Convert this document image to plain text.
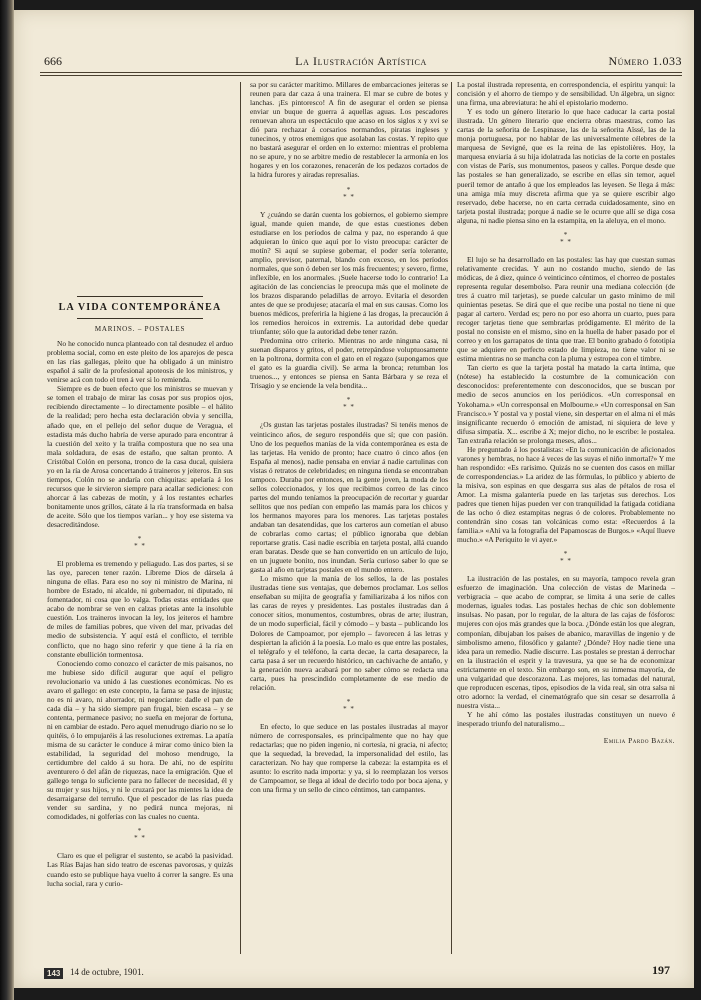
666	La Ilustración Artística	Número 1.033
LA VIDA CONTEMPORÁNEA
MARINOS. – POSTALES

No he conocido nunca planteado con tal desnudez el arduo problema social, como en este pleito de los aparejos de pesca en las rías gallegas, pleito que ha obligado á un ministro español á salir de la profesional apoteosis de los ministros, y venirse acá con todo el tren á ver si lo remienda.

Siempre es de buen efecto que los ministros se muevan y se tomen el trabajo de mirar las cosas por sus propios ojos, recibiendo directamente – lo directamente posible – el hálito de la realidad; pero hecha esta declaración obvia y sencilla, añado que, en el pellejo del señor duque de Veragua, el estadista más ducho habría de verse apurado para encontrar á la cuestión del xeito y la traíña compostura que no sea una mala soldadura, de esas de estaño, que saltan pronto. A Cristóbal Colón en persona, tronco de la casa ducal, quisiera yo en la ría de Arosa concertando á traineros y jeiteros. En sus tiempos, Colón no se andaría con chiquitas: apelaría á los recursos que le sirvieron siempre para acallar sediciones: con ahorcar á las cabezas de motín, y á los restantes echarles bonitamente unos grillos, cátate á la ría transformada en balsa de aceite. Sólo que los tiempos varían... y hoy ese sistema va desacreditándose.

*
* *

El problema es tremendo y peliagudo. Las dos partes, si se las oye, parecen tener razón. Líbreme Dios de dársela á ninguna de ellas. Para eso no soy ni ministro de Marina, ni hombre de Estado, ni alcalde, ni gobernador, ni diputado, ni fomentador, ni cosa que lo valga. Todas estas entidades que acabo de nombrar se ven en calzas prietas ante la insoluble cuestión. Los traineros invocan la ley, los jeiteros el hambre de miles de familias pobres, que viven del mar, privadas del medio de subsistencia. Y aquí está el conflicto, el terrible conflicto, que no hago sino referir y que tiene á la ría en constante ebullición tormentosa.

Conociendo como conozco el carácter de mis paisanos, no me hubiese sido difícil augurar que aquí el peligro revolucionario va unido á las cuestiones económicas. No es avaro el gallego: en este concepto, la fama se pasa de injusta; no es ni avaro, ni ahorrador, ni negociante: dadle el pan de cada día – y ha sido siempre pan frugal, bien escasa – y se contenta, permanece pasivo; no sueña en mejorar de fortuna, ni en cambiar de estado. Pero aquel menudrugo diario no se lo quitéis, ó lo empujaréis á las resoluciones extremas. La apatía misma de su carácter le conduce á mirar como único bien la estabilidad, la seguridad del mohoso mendrugo, la certidumbre del caldo á su hora. De ahí, no de espíritu aventurero ó del afán de riquezas, nace la emigración. Que el gallego tenga lo suficiente para no fallecer de necesidad, él y su mujer y sus hijos, y ni le cruzará por las mientes la idea de desarraigarse del terruño. Que el pescador de las rías pueda vender su sardina, y no pedirá nunca mejoras, ni comodidades, ni golferías con las cuales no cuenta.

*
* *

Claro es que el peligrar el sustento, se acabó la pasividad. Las Rías Bajas han sido teatro de escenas pavorosas, y quizás cuando esto se publique haya vuelto á correr la sangre. Es una lucha social, rara y curio-

sa por su carácter marítimo. Millares de embarcaciones jeiteras se reunen para dar caza á una trainera. El mar se cubre de botes y lanchas. ¡Es pintoresco! A fin de asegurar el orden se piensa enviar un buque de guerra á aquellas aguas. Los pescadores renuevan ahora un espectáculo que acaso en los siglos x y xvi se dió para rechazar á corsarios normandos, piratas ingleses y tunecinos, y otros enemigos que asolaban las costas. Y repito que no bastará asegurar el orden en lo externo: mientras el problema no se apure, y no se arbitre medio de restablecer la armonía en los hogares y en los corazones, renacerán de los pedazos cortados de la hidra furores y airadas represalias.

*
* *

Y ¿cuándo se darán cuenta los gobiernos, el gobierno siempre igual, mande quien mande, de que estas cuestiones deben estudiarse en los períodos de calma y paz, no esperando á que adquieran lo único que aquí por lo visto preocupa: carácter de motín? Si aquí se supiese gobernar, el poder sería tolerante, amplio, previsor, paternal, blando con exceso, en los períodos normales, que son ó deben ser los más frecuentes; y severo, firme, inflexible, en los anormales. ¡Suele hacerse todo lo contrario! La agitación de las conciencias le preocupa más que el molinete de los brazos disparando peladillas de arroyo. Evitaría el desorden antes de que se produjese; atacaría el mal en sus causas. Como los buenos médicos, preferiría la higiene á las drogas, la precaución á los remedios heroicos in extremis. La autoridad debe quedar triunfante; sólo que la autoridad debe tener razón.

Predomina otro criterio. Mientras no arde ninguna casa, ni suenan disparos y gritos, el poder, retrepándose voluptuosamente en la poltrona, dormita con el gato en el regazo (supongamos que el gato es la guardia civil). Se arma la bronca; retumban los truenos..., y entonces se piensa en Santa Bárbara y se reza el Trisagio y se enciende la vela bendita...

*
* *

¿Os gustan las tarjetas postales ilustradas? Si tenéis menos de veinticinco años, de seguro respondéis que sí; que con pasión. Uno de los pequeños manías de la vida contemporánea es esta de las tarjetas. Ha venido de pronto; hace cuatro ó cinco años (en España al menos), nadie pensaba en enviar á nadie cartulinas con vistas ó retratos de celebridades; en ninguna tienda se encontraban tampoco. Duraba por entonces, en la gente joven, la moda de los sellos coleccionados, y los que recibimos correo de las cinco partes del mundo teníamos la preocupación de recortar y guardar sellitos que nos pedían con empeño las mamás para los chicos y los hermanos mayores para los menores. Las tarjetas postales andaban tan desatendidas, que los carteros aun cometían el abuso de cobrarlas como cartas; el público ignoraba que debían reportarse gratis. Casi nadie escribía en tarjeta postal, allá cuando eran baratas. Desde que se han convertido en un artículo de lujo, en un juguete bonito, nos inundan. Sería curioso saber lo que se gasta al año en tarjetas postales en el mundo entero.

Lo mismo que la manía de los sellos, la de las postales ilustradas tiene sus ventajas, que debemos proclamar. Los sellos enseñaban su mijita de geografía y familiarizaba á los niños con las caras de reyes y presidentes. Las postales ilustradas dan á conocer sitios, monumentos, costumbres, obras de arte; ilustran, de un modo superficial, fácil y cómodo – y basta – publicando los Dolores de Campoamor, por ejemplo – favorecen á las letras y despiertan la afición á la poesía. Lo malo es que entre las postales, el telégrafo y el teléfono, la carta decae, la carta desaparece, la carta pasa á ser un recuerdo histórico, un cachivache de antaño, y la generación nueva acabará por no saber cómo se redacta una carta, pues ha prescindido completamente de ese medio de relación.

*
* *

En efecto, lo que seduce en las postales ilustradas al mayor número de corresponsales, es principalmente que no hay que redactarlas; que no piden ingenio, ni cortesía, ni gracia, ni afecto; que la sequedad, la brevedad, la impersonalidad del estilo, las caracterizan. No hay que romperse la cabeza: la estampita es el asunto: lo escrito nada importa: y ya, si lo reemplazan los versos de Campoamor, se llega al ideal de decirlo todo por boca ajena, y con una firma y un sello de cinco céntimos, tan campantes.

La postal ilustrada representa, en correspondencia, el espíritu yanqui: la concisión y el ahorro de tiempo y de sensibilidad. Un álgebra, un signo: una firma, una abreviatura: he ahí el epistolario moderno.

Y es todo un género literario lo que hace caducar la carta postal ilustrada. Un género literario que encierra obras maestras, como las cartas de la señorita de Lespinasse, las de la señorita Aïssé, las de la monja portuguesa, por no hablar de las universalmente célebres de la marquesa de Sevigné, que es la reina de las epistolières. Hoy, la marquesa enviaría á su hija idolatrada las noticias de la corte en postales con vistas de París, sus monumentos, paseos y calles. Porque desde que las postales se han generalizado, se escribe en ellas sin temor, aquel pueril temor de antaño á que los empleados las leyesen. Se llega á más: una amiga mía muy discreta afirma que ya se quiere escribir algo reservado, debe hacerse, no en carta cerrada cuidadosamente, sino en tarjeta postal ilustrada; porque á nadie se le ocurre que allí se diga cosa alguna, ni nadie piensa sino en la estampita, en la aleluya, en el mono.

*
* *

El lujo se ha desarrollado en las postales: las hay que cuestan sumas relativamente crecidas. Y aun no costando mucho, siendo de las módicas, de á diez, quince ó veinticinco céntimos, el chorreo de postales representa regular desembolso. Para reunir una mediana colección (de tres á cuatro mil tarjetas), se puede calcular un gasto mínimo de mil quinientas pesetas. Se dirá que el que recibe una postal no tiene ni que pagar al cartero. Verdad es; pero no por eso ahorra un cuarto, pues para recoger tarjetas tiene que sembrarlas pródigamente. El mérito de la postal no consiste en el mismo, sino en la huella de haber pasado por el correo y en los garrapatos de tinta que trae. El bonito grabado ó fototipia que se adquiere en perfecto estado de limpieza, no tiene valor ni se estima mientras no se mancha con la pluma y estropea con el timbre.

Tan cierto es que la tarjeta postal ha matado la carta íntima, que (nótese) ha establecido la costumbre de la comunicación con desconocidos: preferentemente con desconocidos, que se buscan por medio de secos anuncios en los periódicos. «Un corresponsal en Yokohama.» «Un corresponsal en Molbourne.» «Un corresponsal en San Francisco.» Y postal va y postal viene, sin despertar en el alma ni el más insignificante recuerdo ó emoción de amistad, ni siquiera de leve y difusa simpatía. X... escribe á X; mejor dicho, no le escribe: le postalea. Tan extraña relación se prolonga meses, años...

He preguntado á los postalistas: «En la comunicación de aficionados varones y hembras, no hace á veces de las suyas el niño inmortal?» Y me han respondido: «Es rarísimo. Quizás no se cuenten dos casos en millar de correspondencias.» La aridez de las fórmulas, lo público y abierto de la misiva, son espinas en que desgarra sus alas de pétalos de rosa el Amor. La misma galantería puede en las tarjetas sus derechos. Los padres que tienen hijas pueden ver con tranquilidad la fatigada cotidiana de las ocho ó diez estampitas negras ó de colores. Probablemente no contendrán sino cosas tan volcánicas como esta: «Recuerdos á la familia.» «Ahí va la fotografía del Papamoscas de Burgos.» «Aquí llueve mucho.» «A Periquito le vi ayer.»

*
* *

La ilustración de las postales, en su mayoría, tampoco revela gran esfuerzo de imaginación. Una colección de vistas de Marineda – verbigracia – que acabo de comprar, se limita á una serie de calles modernas, iguales todas. Las postales hechas de chic son doblemente insulsas. No pasan, por lo regular, de la altura de las cajas de fósforos: mujeres con ojos más grandes que la boca. ¿Dónde están los que alegran, componían, dibujaban los países de abanico, maravillas de ingenio y de simbolismo ameno, filosófico y galante? ¿Dónde? Hoy nadie tiene una idea para un remedio. Nadie discurre. Las postales se prestan á derrochar en la ilustración el esprit y la travesura, ya que se ha de economizar estrictamente en el texto. Sin embargo son, en su inmensa mayoría, de una vulgaridad que descorazona. Las mejores, las tomadas del natural, que reproducen escenas, tipos, episodios de la vida real, sin otra salsa ni otro adorno: la verdad, el cinematógrafo que sin cesar se desarrolla á nuestra vista...

Y he ahí cómo las postales ilustradas constituyen un nuevo é inesperado triunfo del naturalismo...

Emilia Pardo Bazán.
143	14 de octubre, 1901.	197
